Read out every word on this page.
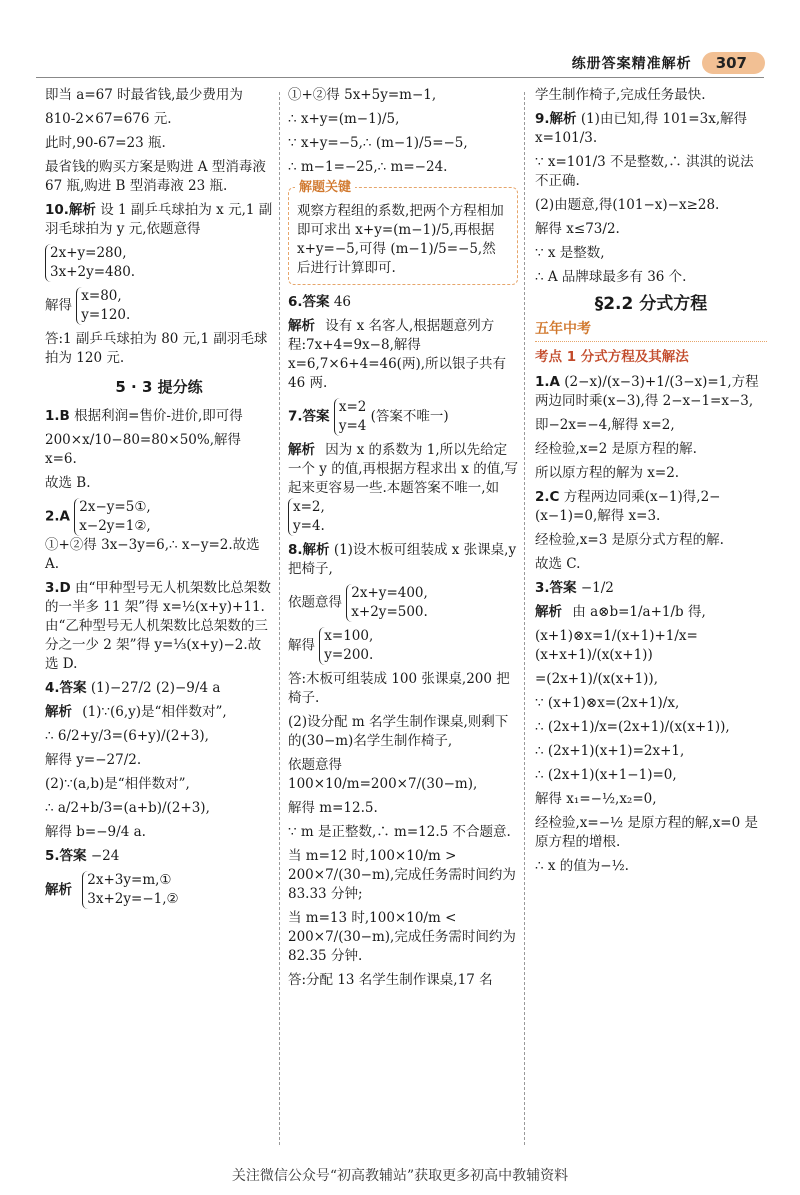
练册答案精准解析	307

即当 a=67 时最省钱,最少费用为

810-2×67=676 元.

此时,90-67=23 瓶.

最省钱的购买方案是购进 A 型消毒液 67 瓶,购进 B 型消毒液 23 瓶.

10.解析 设 1 副乒乓球拍为 x 元,1 副羽毛球拍为 y 元,依题意得

2x+y=280,
3x+2y=480.
解得
x=80,
y=120.

答:1 副乒乓球拍为 80 元,1 副羽毛球拍为 120 元.

5 · 3 提分练

1.B 根据利润=售价-进价,即可得

200×x/10−80=80×50%,解得 x=6.

故选 B.

2.A
2x−y=5①,
x−2y=1②,
①+②得 3x−3y=6,∴ x−y=2.故选 A.

3.D 由“甲种型号无人机架数比总架数的一半多 11 架”得 x=½(x+y)+11.由“乙种型号无人机架数比总架数的三分之一少 2 架”得 y=⅓(x+y)−2.故选 D.

4.答案 (1)−27/2 (2)−9/4 a

解析 (1)∵(6,y)是“相伴数对”,

∴ 6/2+y/3=(6+y)/(2+3),

解得 y=−27/2.

(2)∵(a,b)是“相伴数对”,

∴ a/2+b/3=(a+b)/(2+3),

解得 b=−9/4 a.

5.答案 −24

解析
2x+3y=m,①
3x+2y=−1,②

①+②得 5x+5y=m−1,

∴ x+y=(m−1)/5,

∵ x+y=−5,∴ (m−1)/5=−5,

∴ m−1=−25,∴ m=−24.

解题关键
观察方程组的系数,把两个方程相加即可求出 x+y=(m−1)/5,再根据 x+y=−5,可得 (m−1)/5=−5,然后进行计算即可.

6.答案 46

解析 设有 x 名客人,根据题意列方程:7x+4=9x−8,解得 x=6,7×6+4=46(两),所以银子共有 46 两.

7.答案
x=2
y=4
(答案不唯一)

解析 因为 x 的系数为 1,所以先给定一个 y 的值,再根据方程求出 x 的值,写起来更容易一些.本题答案不唯一,如
x=2,
y=4.

8.解析 (1)设木板可组装成 x 张课桌,y 把椅子,

依题意得
2x+y=400,
x+2y=500.
解得
x=100,
y=200.

答:木板可组装成 100 张课桌,200 把椅子.

(2)设分配 m 名学生制作课桌,则剩下的(30−m)名学生制作椅子,

依题意得 100×10/m=200×7/(30−m),

解得 m=12.5.

∵ m 是正整数,∴ m=12.5 不合题意.

当 m=12 时,100×10/m > 200×7/(30−m),完成任务需时间约为 83.33 分钟;

当 m=13 时,100×10/m < 200×7/(30−m),完成任务需时间约为 82.35 分钟.

答:分配 13 名学生制作课桌,17 名

学生制作椅子,完成任务最快.

9.解析 (1)由已知,得 101=3x,解得 x=101/3.

∵ x=101/3 不是整数,∴ 淇淇的说法不正确.

(2)由题意,得(101−x)−x≥28.

解得 x≤73/2.

∵ x 是整数,

∴ A 品牌球最多有 36 个.

§2.2 分式方程
五年中考
考点 1 分式方程及其解法

1.A (2−x)/(x−3)+1/(3−x)=1,方程两边同时乘(x−3),得 2−x−1=x−3,

即−2x=−4,解得 x=2,

经检验,x=2 是原方程的解.

所以原方程的解为 x=2.

2.C 方程两边同乘(x−1)得,2−(x−1)=0,解得 x=3.

经检验,x=3 是原分式方程的解.

故选 C.

3.答案 −1/2

解析 由 a⊗b=1/a+1/b 得,

(x+1)⊗x=1/(x+1)+1/x=(x+x+1)/(x(x+1))

=(2x+1)/(x(x+1)),

∵ (x+1)⊗x=(2x+1)/x,

∴ (2x+1)/x=(2x+1)/(x(x+1)),

∴ (2x+1)(x+1)=2x+1,

∴ (2x+1)(x+1−1)=0,

解得 x₁=−½,x₂=0,

经检验,x=−½ 是原方程的解,x=0 是原方程的增根.

∴ x 的值为−½.

关注微信公众号“初高教辅站”获取更多初高中教辅资料
